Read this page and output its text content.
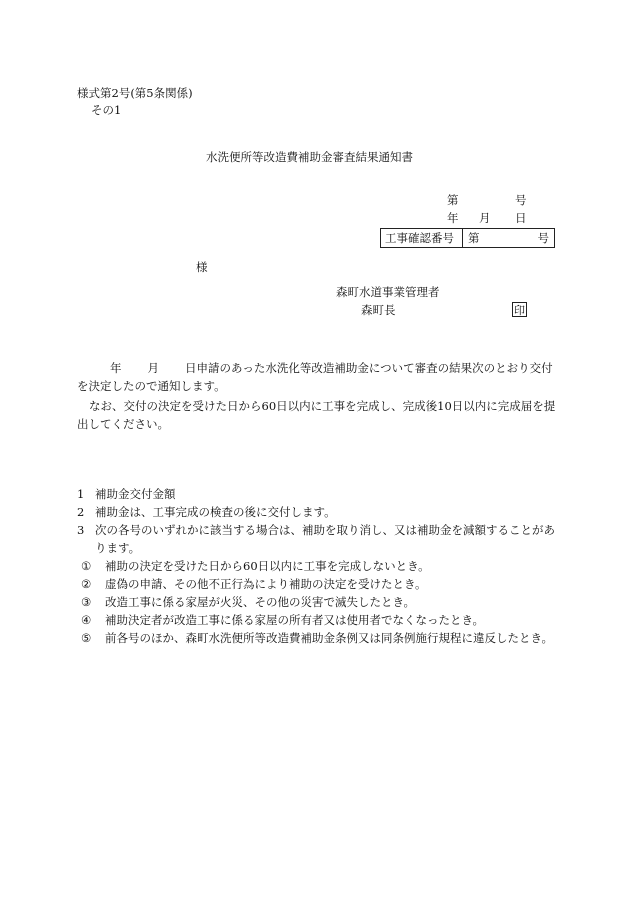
様式第2号(第5条関係)
その1
水洗便所等改造費補助金審査結果通知書
第	号
年 月 日
工事確認番号	第	号
様
森町水道事業管理者
森町長	印
年 月 日申請のあった水洗化等改造補助金について審査の結果次のとおり交付を決定したので通知します。
なお、交付の決定を受けた日から60日以内に工事を完成し、完成後10日以内に完成届を提出してください。
1 補助金交付金額
2 補助金は、工事完成の検査の後に交付します。
3 次の各号のいずれかに該当する場合は、補助を取り消し、又は補助金を減額することがあります。
①	補助の決定を受けた日から60日以内に工事を完成しないとき。
②	虚偽の申請、その他不正行為により補助の決定を受けたとき。
③	改造工事に係る家屋が火災、その他の災害で滅失したとき。
④	補助決定者が改造工事に係る家屋の所有者又は使用者でなくなったとき。
⑤	前各号のほか、森町水洗便所等改造費補助金条例又は同条例施行規程に違反したとき。
